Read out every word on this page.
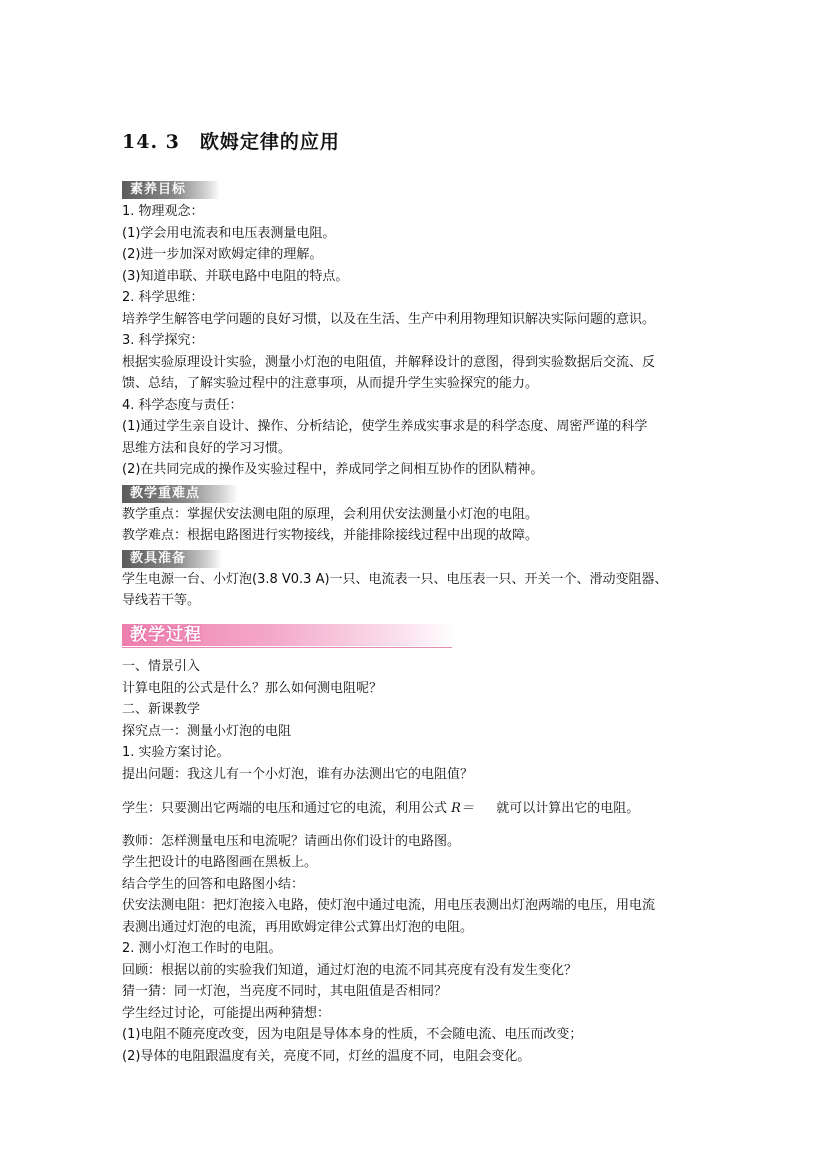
14. 3　欧姆定律的应用
素养目标
1. 物理观念：
(1)学会用电流表和电压表测量电阻。
(2)进一步加深对欧姆定律的理解。
(3)知道串联、并联电路中电阻的特点。
2. 科学思维：
培养学生解答电学问题的良好习惯，以及在生活、生产中利用物理知识解决实际问题的意识。
3. 科学探究：
根据实验原理设计实验，测量小灯泡的电阻值，并解释设计的意图，得到实验数据后交流、反
馈、总结，了解实验过程中的注意事项，从而提升学生实验探究的能力。
4. 科学态度与责任：
(1)通过学生亲自设计、操作、分析结论，使学生养成实事求是的科学态度、周密严谨的科学
思维方法和良好的学习习惯。
(2)在共同完成的操作及实验过程中，养成同学之间相互协作的团队精神。
教学重难点
教学重点：掌握伏安法测电阻的原理，会利用伏安法测量小灯泡的电阻。
教学难点：根据电路图进行实物接线，并能排除接线过程中出现的故障。
教具准备
学生电源一台、小灯泡(3.8 V0.3 A)一只、电流表一只、电压表一只、开关一个、滑动变阻器、
导线若干等。
教学过程
一、情景引入
计算电阻的公式是什么？那么如何测电阻呢？
二、新课教学
探究点一：测量小灯泡的电阻
1. 实验方案讨论。
提出问题：我这儿有一个小灯泡，谁有办法测出它的电阻值？
学生：只要测出它两端的电压和通过它的电流，利用公式 R＝ 就可以计算出它的电阻。
教师：怎样测量电压和电流呢？请画出你们设计的电路图。
学生把设计的电路图画在黑板上。
结合学生的回答和电路图小结：
伏安法测电阻：把灯泡接入电路，使灯泡中通过电流，用电压表测出灯泡两端的电压，用电流
表测出通过灯泡的电流，再用欧姆定律公式算出灯泡的电阻。
2. 测小灯泡工作时的电阻。
回顾：根据以前的实验我们知道，通过灯泡的电流不同其亮度有没有发生变化？
猜一猜：同一灯泡，当亮度不同时，其电阻值是否相同？
学生经过讨论，可能提出两种猜想：
(1)电阻不随亮度改变，因为电阻是导体本身的性质，不会随电流、电压而改变；
(2)导体的电阻跟温度有关，亮度不同，灯丝的温度不同，电阻会变化。
